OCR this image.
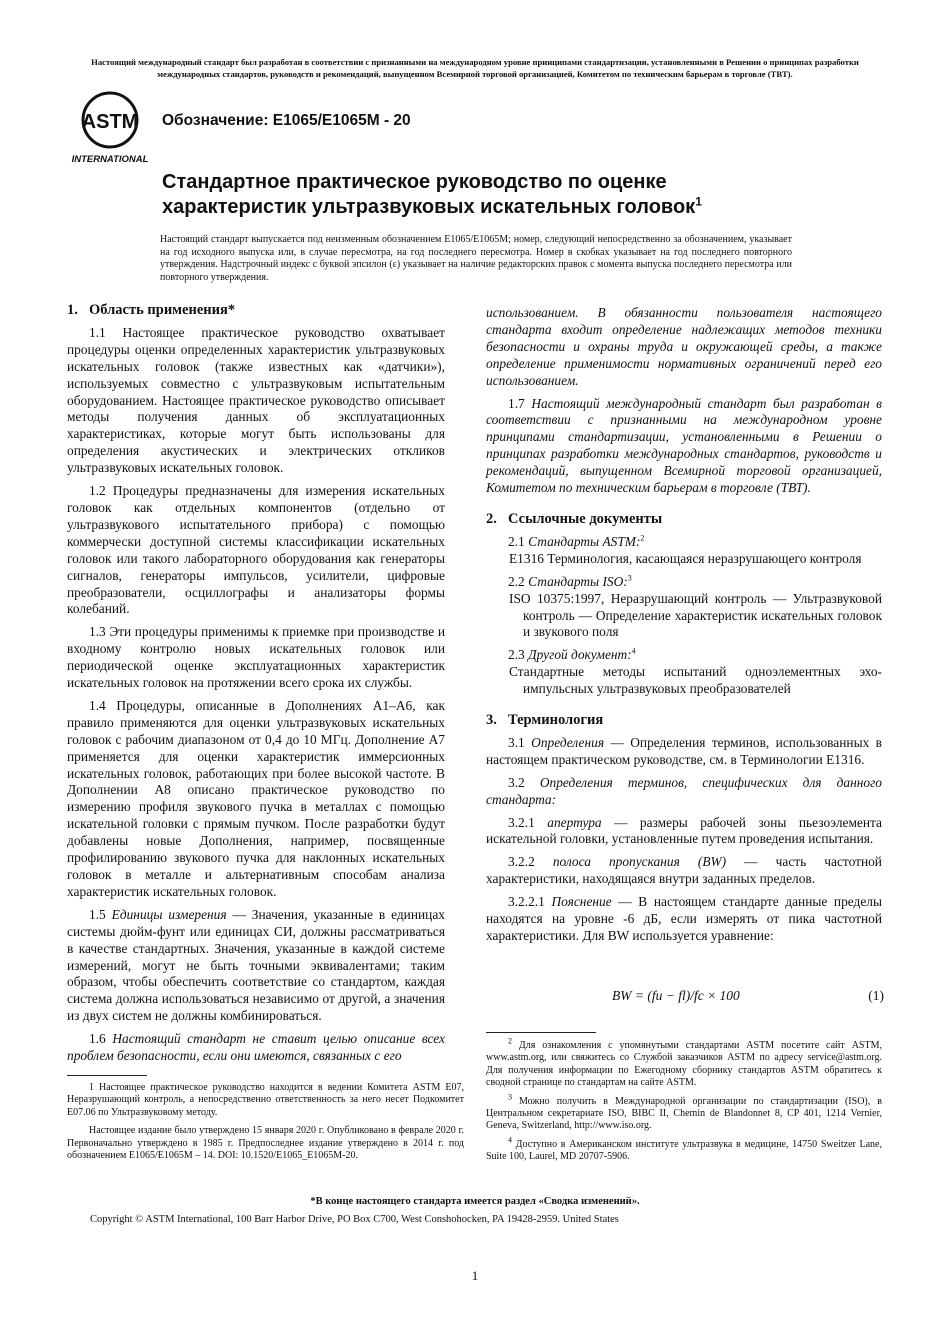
Настоящий международный стандарт был разработан в соответствии с признанными на международном уровне принципами стандартизации, установленными в Решении о принципах разработки международных стандартов, руководств и рекомендаций, выпущенном Всемирной торговой организацией, Комитетом по техническим барьерам в торговле (ТВТ).
ASTM
INTERNATIONAL
Обозначение: E1065/E1065M - 20
Стандартное практическое руководство по оценке
характеристик ультразвуковых искательных головок$^1$
Настоящий стандарт выпускается под неизменным обозначением E1065/E1065M; номер, следующий непосредственно за обозначением, указывает на год исходного выпуска или, в случае пересмотра, на год последнего пересмотра. Номер в скобках указывает на год последнего повторного утверждения. Надстрочный индекс с буквой эпсилон (ε) указывает на наличие редакторских правок с момента выпуска последнего пересмотра или повторного утверждения.
1. Область применения*

1.1 Настоящее практическое руководство охватывает процедуры оценки определенных характеристик ультразвуковых искательных головок (также известных как «датчики»), используемых совместно с ультразвуковым испытательным оборудованием. Настоящее практическое руководство описывает методы получения данных об эксплуатационных характеристиках, которые могут быть использованы для определения акустических и электрических откликов ультразвуковых искательных головок.

1.2 Процедуры предназначены для измерения искательных головок как отдельных компонентов (отдельно от ультразвукового испытательного прибора) с помощью коммерчески доступной системы классификации искательных головок или такого лабораторного оборудования как генераторы сигналов, генераторы импульсов, усилители, цифровые преобразователи, осциллографы и анализаторы формы колебаний.

1.3 Эти процедуры применимы к приемке при производстве и входному контролю новых искательных головок или периодической оценке эксплуатационных характеристик искательных головок на протяжении всего срока их службы.

1.4 Процедуры, описанные в Дополнениях A1–A6, как правило применяются для оценки ультразвуковых искательных головок с рабочим диапазоном от 0,4 до 10 МГц. Дополнение A7 применяется для оценки характеристик иммерсионных искательных головок, работающих при более высокой частоте. В Дополнении A8 описано практическое руководство по измерению профиля звукового пучка в металлах с помощью искательной головки с прямым пучком. После разработки будут добавлены новые Дополнения, например, посвященные профилированию звукового пучка для наклонных искательных головок в металле и альтернативным способам анализа характеристик искательных головок.

1.5 Единицы измерения — Значения, указанные в единицах системы дюйм-фунт или единицах СИ, должны рассматриваться в качестве стандартных. Значения, указанные в каждой системе измерений, могут не быть точными эквивалентами; таким образом, чтобы обеспечить соответствие со стандартом, каждая система должна использоваться независимо от другой, а значения из двух систем не должны комбинироваться.

1.6 Настоящий стандарт не ставит целью описание всех проблем безопасности, если они имеются, связанных с его

1 Настоящее практическое руководство находится в ведении Комитета ASTM E07, Неразрушающий контроль, а непосредственно ответственность за него несет Подкомитет E07.06 по Ультразвуковому методу.

Настоящее издание было утверждено 15 января 2020 г. Опубликовано в феврале 2020 г. Первоначально утверждено в 1985 г. Предпоследнее издание утверждено в 2014 г. под обозначением E1065/E1065M – 14. DOI: 10.1520/E1065_E1065M-20.

использованием. В обязанности пользователя настоящего стандарта входит определение надлежащих методов техники безопасности и охраны труда и окружающей среды, а также определение применимости нормативных ограничений перед его использованием.

1.7 Настоящий международный стандарт был разработан в соответствии с признанными на международном уровне принципами стандартизации, установленными в Решении о принципах разработки международных стандартов, руководств и рекомендаций, выпущенном Всемирной торговой организацией, Комитетом по техническим барьерам в торговле (ТВТ).

2. Ссылочные документы

2.1 Стандарты ASTM:$^2$

E1316 Терминология, касающаяся неразрушающего контроля

2.2 Стандарты ISO:$^3$

ISO 10375:1997, Неразрушающий контроль — Ультразвуковой контроль — Определение характеристик искательных головок и звукового поля

2.3 Другой документ:$^4$

Стандартные методы испытаний одноэлементных эхо-импульсных ультразвуковых преобразователей
3. Терминология

3.1 Определения — Определения терминов, использованных в настоящем практическом руководстве, см. в Терминологии E1316.

3.2 Определения терминов, специфических для данного стандарта:

3.2.1 апертура — размеры рабочей зоны пьезоэлемента искательной головки, установленные путем проведения испытания.

3.2.2 полоса пропускания (BW) — часть частотной характеристики, находящаяся внутри заданных пределов.

3.2.2.1 Пояснение — В настоящем стандарте данные пределы находятся на уровне -6 дБ, если измерять от пика частотной характеристики. Для BW используется уравнение:

BW = (fu − fl)/fc × 100	(1)

$^2$ Для ознакомления с упомянутыми стандартами ASTM посетите сайт ASTM, www.astm.org, или свяжитесь со Службой заказчиков ASTM по адресу service@astm.org. Для получения информации по Ежегодному сборнику стандартов ASTM обратитесь к сводной странице по стандартам на сайте ASTM.

$^3$ Можно получить в Международной организации по стандартизации (ISO), в Центральном секретариате ISO, BIBC II, Chemin de Blandonnet 8, CP 401, 1214 Vernier, Geneva, Switzerland, http://www.iso.org.

$^4$ Доступно в Американском институте ультразвука в медицине, 14750 Sweitzer Lane, Suite 100, Laurel, MD 20707-5906.

*В конце настоящего стандарта имеется раздел «Сводка изменений».
Copyright © ASTM International, 100 Barr Harbor Drive, PO Box C700, West Conshohocken, PA 19428-2959. United States
1
